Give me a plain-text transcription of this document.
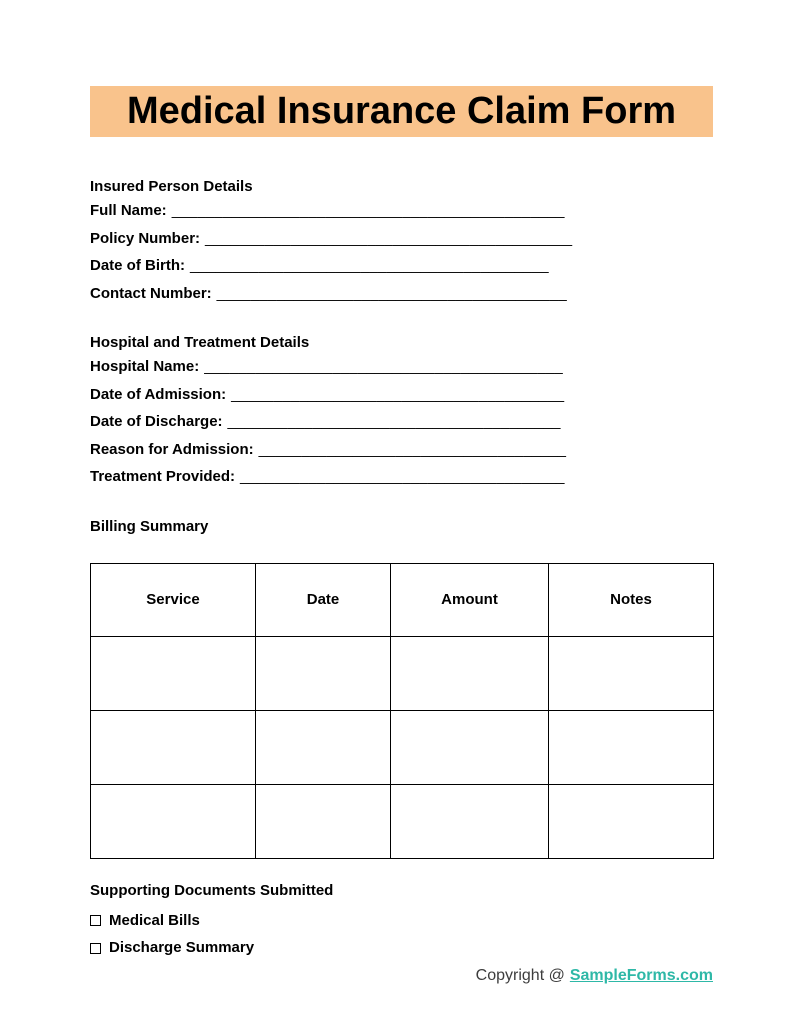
Medical Insurance Claim Form
Insured Person Details
Full Name: ______________________________________________
Policy Number: ___________________________________________
Date of Birth: __________________________________________
Contact Number: _________________________________________
Hospital and Treatment Details
Hospital Name: __________________________________________
Date of Admission: _______________________________________
Date of Discharge: _______________________________________
Reason for Admission: ____________________________________
Treatment Provided: ______________________________________
Billing Summary
Service	Date	Amount	Notes

Supporting Documents Submitted
Medical Bills
Discharge Summary
Copyright @ SampleForms.com
